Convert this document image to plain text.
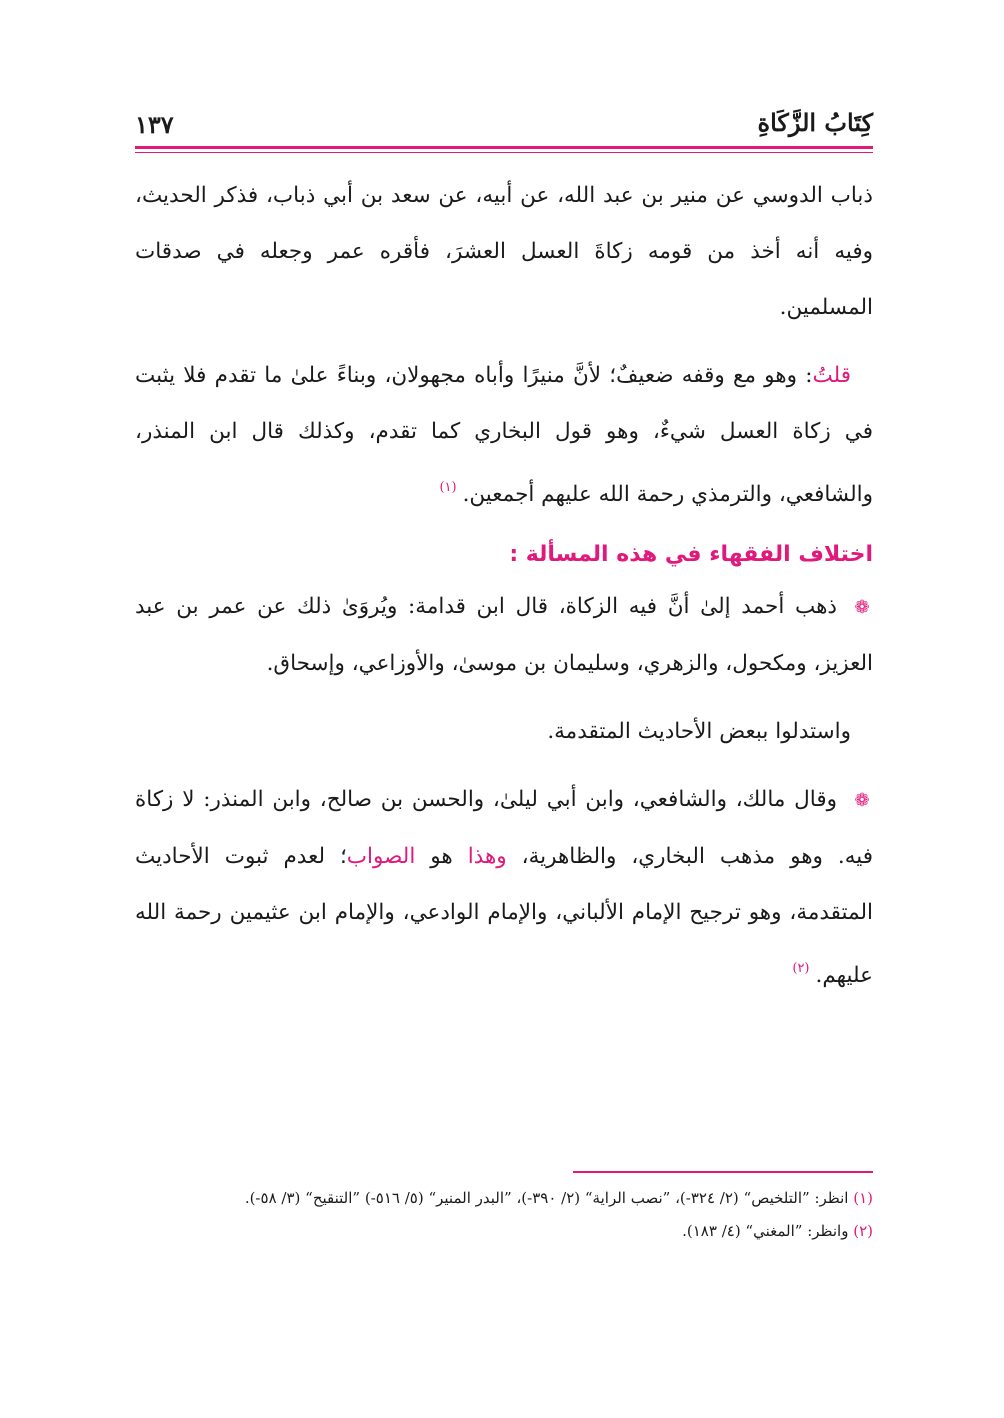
كِتَابُ الزَّكَاةِ
١٣٧

ذباب الدوسي عن منير بن عبد الله، عن أبيه، عن سعد بن أبي ذباب، فذكر الحديث، وفيه أنه أخذ من قومه زكاةَ العسل العشرَ، فأقره عمر وجعله في صدقات المسلمين.

قلتُ: وهو مع وقفه ضعيفٌ؛ لأنَّ منيرًا وأباه مجهولان، وبناءً علىٰ ما تقدم فلا يثبت في زكاة العسل شيءٌ، وهو قول البخاري كما تقدم، وكذلك قال ابن المنذر، والشافعي، والترمذي رحمة الله عليهم أجمعين.$^{(١)}$

اختلاف الفقهاء في هذه المسألة :

❁ذهب أحمد إلىٰ أنَّ فيه الزكاة، قال ابن قدامة: ويُروَىٰ ذلك عن عمر بن عبد العزيز، ومكحول، والزهري، وسليمان بن موسىٰ، والأوزاعي، وإسحاق.

واستدلوا ببعض الأحاديث المتقدمة.

❁وقال مالك، والشافعي، وابن أبي ليلىٰ، والحسن بن صالح، وابن المنذر: لا زكاة فيه. وهو مذهب البخاري، والظاهرية، وهذا هو الصواب؛ لعدم ثبوت الأحاديث المتقدمة، وهو ترجيح الإمام الألباني، والإمام الوادعي، والإمام ابن عثيمين رحمة الله عليهم.$^{(٢)}$

(١) انظر: ”التلخيص“ (٢/ ٣٢٤-)، ”نصب الراية“ (٢/ ٣٩٠-)، ”البدر المنير“ (٥/ ٥١٦-) ”التنقيح“ (٣/ ٥٨-).

(٢) وانظر: ”المغني“ (٤/ ١٨٣).
